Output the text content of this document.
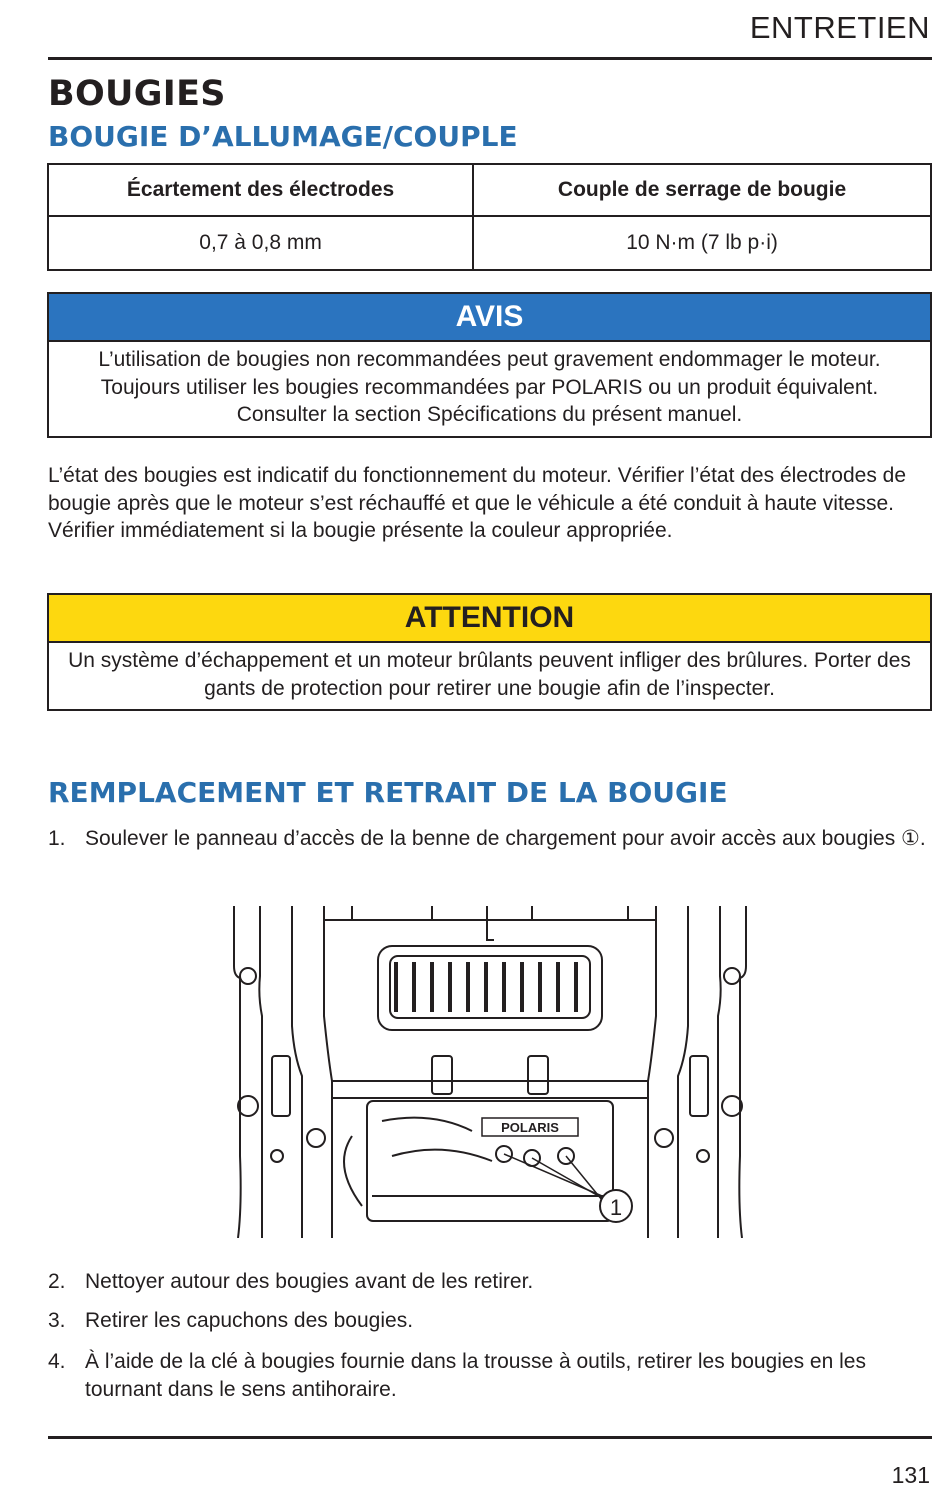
ENTRETIEN
BOUGIES
BOUGIE D’ALLUMAGE/COUPLE
Écartement des électrodes	Couple de serrage de bougie
0,7 à 0,8 mm	10 N·m (7 lb p·i)
AVIS
L’utilisation de bougies non recommandées peut gravement endommager le moteur. Toujours utiliser les bougies recommandées par POLARIS ou un produit équivalent. Consulter la section Spécifications du présent manuel.
L’état des bougies est indicatif du fonctionnement du moteur. Vérifier l’état des électrodes de bougie après que le moteur s’est réchauffé et que le véhicule a été conduit à haute vitesse. Vérifier immédiatement si la bougie présente la couleur appropriée.
ATTENTION
Un système d’échappement et un moteur brûlants peuvent infliger des brûlures. Porter des gants de protection pour retirer une bougie afin de l’inspecter.
REMPLACEMENT ET RETRAIT DE LA BOUGIE
1. Soulever le panneau d’accès de la benne de chargement pour avoir accès aux bougies ①.
POLARIS
1
2. Nettoyer autour des bougies avant de les retirer.
3. Retirer les capuchons des bougies.
4. À l’aide de la clé à bougies fournie dans la trousse à outils, retirer les bougies en les tournant dans le sens antihoraire.
131
